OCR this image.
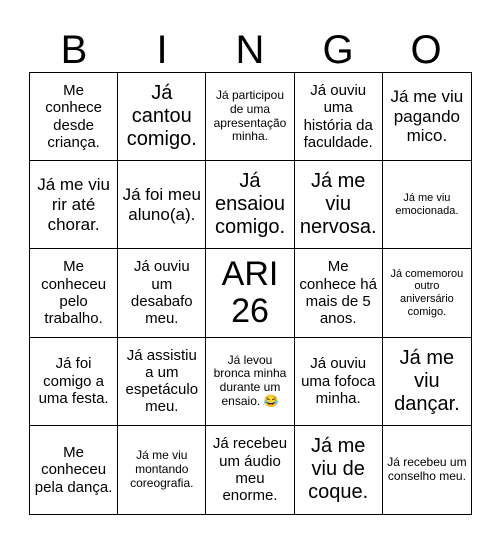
B	I	N	G	O
Me conhece desde criança.
Já cantou comigo.
Já participou de uma apresentação minha.
Já ouviu uma história da faculdade.
Já me viu pagando mico.
Já me viu rir até chorar.
Já foi meu aluno(a).
Já ensaiou comigo.
Já me viu nervosa.
Já me viu emocionada.
Me conheceu pelo trabalho.
Já ouviu um desabafo meu.
ARI 26
Me conhece há mais de 5 anos.
Já comemorou outro aniversário comigo.
Já foi comigo a uma festa.
Já assistiu a um espetáculo meu.
Já levou bronca minha durante um ensaio. 😂
Já ouviu uma fofoca minha.
Já me viu dançar.
Me conheceu pela dança.
Já me viu montando coreografia.
Já recebeu um áudio meu enorme.
Já me viu de coque.
Já recebeu um conselho meu.
